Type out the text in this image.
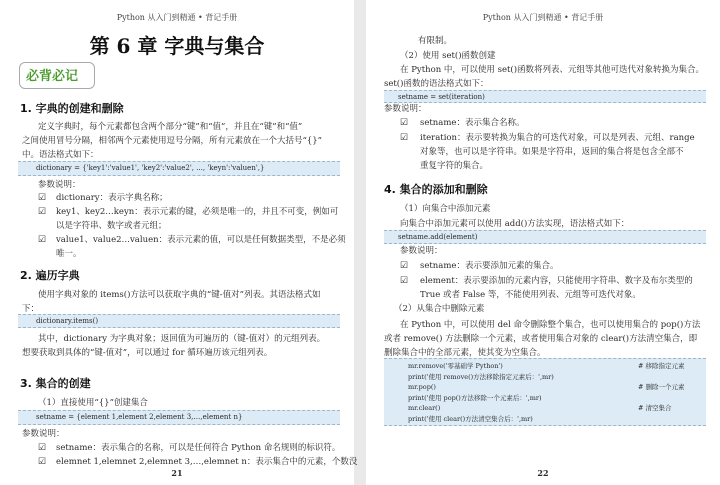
Python 从入门到精通 • 背记手册
第 6 章 字典与集合
必背必记
1. 字典的创建和删除
定义字典时，每个元素都包含两个部分“键”和“值”，并且在“键”和“值”
之间使用冒号分隔，相邻两个元素使用逗号分隔，所有元素放在一个大括号“{}”
中。语法格式如下：
dictionary = {'key1':'value1', 'key2':'value2', ..., 'keyn':'valuen',}
参数说明：
☑ dictionary：表示字典名称；
☑ key1、key2…keyn：表示元素的键，必须是唯一的，并且不可变，例如可
以是字符串、数字或者元组；
☑ value1、value2…valuen：表示元素的值，可以是任何数据类型，不是必须
唯一。
2. 遍历字典
使用字典对象的 items()方法可以获取字典的“键-值对”列表。其语法格式如
下：
dictionary.items()
其中，dictionary 为字典对象；返回值为可遍历的（键-值对）的元组列表。
想要获取到具体的“键-值对”，可以通过 for 循环遍历该元组列表。
3. 集合的创建
（1）直接使用“{}”创建集合
setname = {element 1,element 2,element 3,…,element n}
参数说明：
☑ setname：表示集合的名称，可以是任何符合 Python 命名规则的标识符。
☑ elemnet 1,elemnet 2,elemnet 3,…,elemnet n：表示集合中的元素，个数没
21
Python 从入门到精通 • 背记手册
有限制。
（2）使用 set()函数创建
在 Python 中，可以使用 set()函数将列表、元组等其他可迭代对象转换为集合。
set()函数的语法格式如下：
setname = set(iteration)
参数说明：
☑ setname：表示集合名称。
☑ iteration：表示要转换为集合的可迭代对象，可以是列表、元组、range
对象等，也可以是字符串。如果是字符串，返回的集合将是包含全部不
重复字符的集合。
4. 集合的添加和删除
（1）向集合中添加元素
向集合中添加元素可以使用 add()方法实现，语法格式如下：
setname.add(element)
参数说明：
☑ setname：表示要添加元素的集合。
☑ element：表示要添加的元素内容，只能使用字符串、数字及布尔类型的
True 或者 False 等，不能使用列表、元组等可迭代对象。
（2）从集合中删除元素
在 Python 中，可以使用 del 命令删除整个集合，也可以使用集合的 pop()方法
或者 remove() 方法删除一个元素，或者使用集合对象的 clear()方法清空集合，即
删除集合中的全部元素，使其变为空集合。
mr.remove('零基础学 Python')	# 移除指定元素
print('使用 remove()方法移除指定元素后：',mr)
mr.pop()	# 删除一个元素
print('使用 pop()方法移除一个元素后：',mr)
mr.clear()	# 清空集合
print('使用 clear()方法清空集合后：',mr)
22
